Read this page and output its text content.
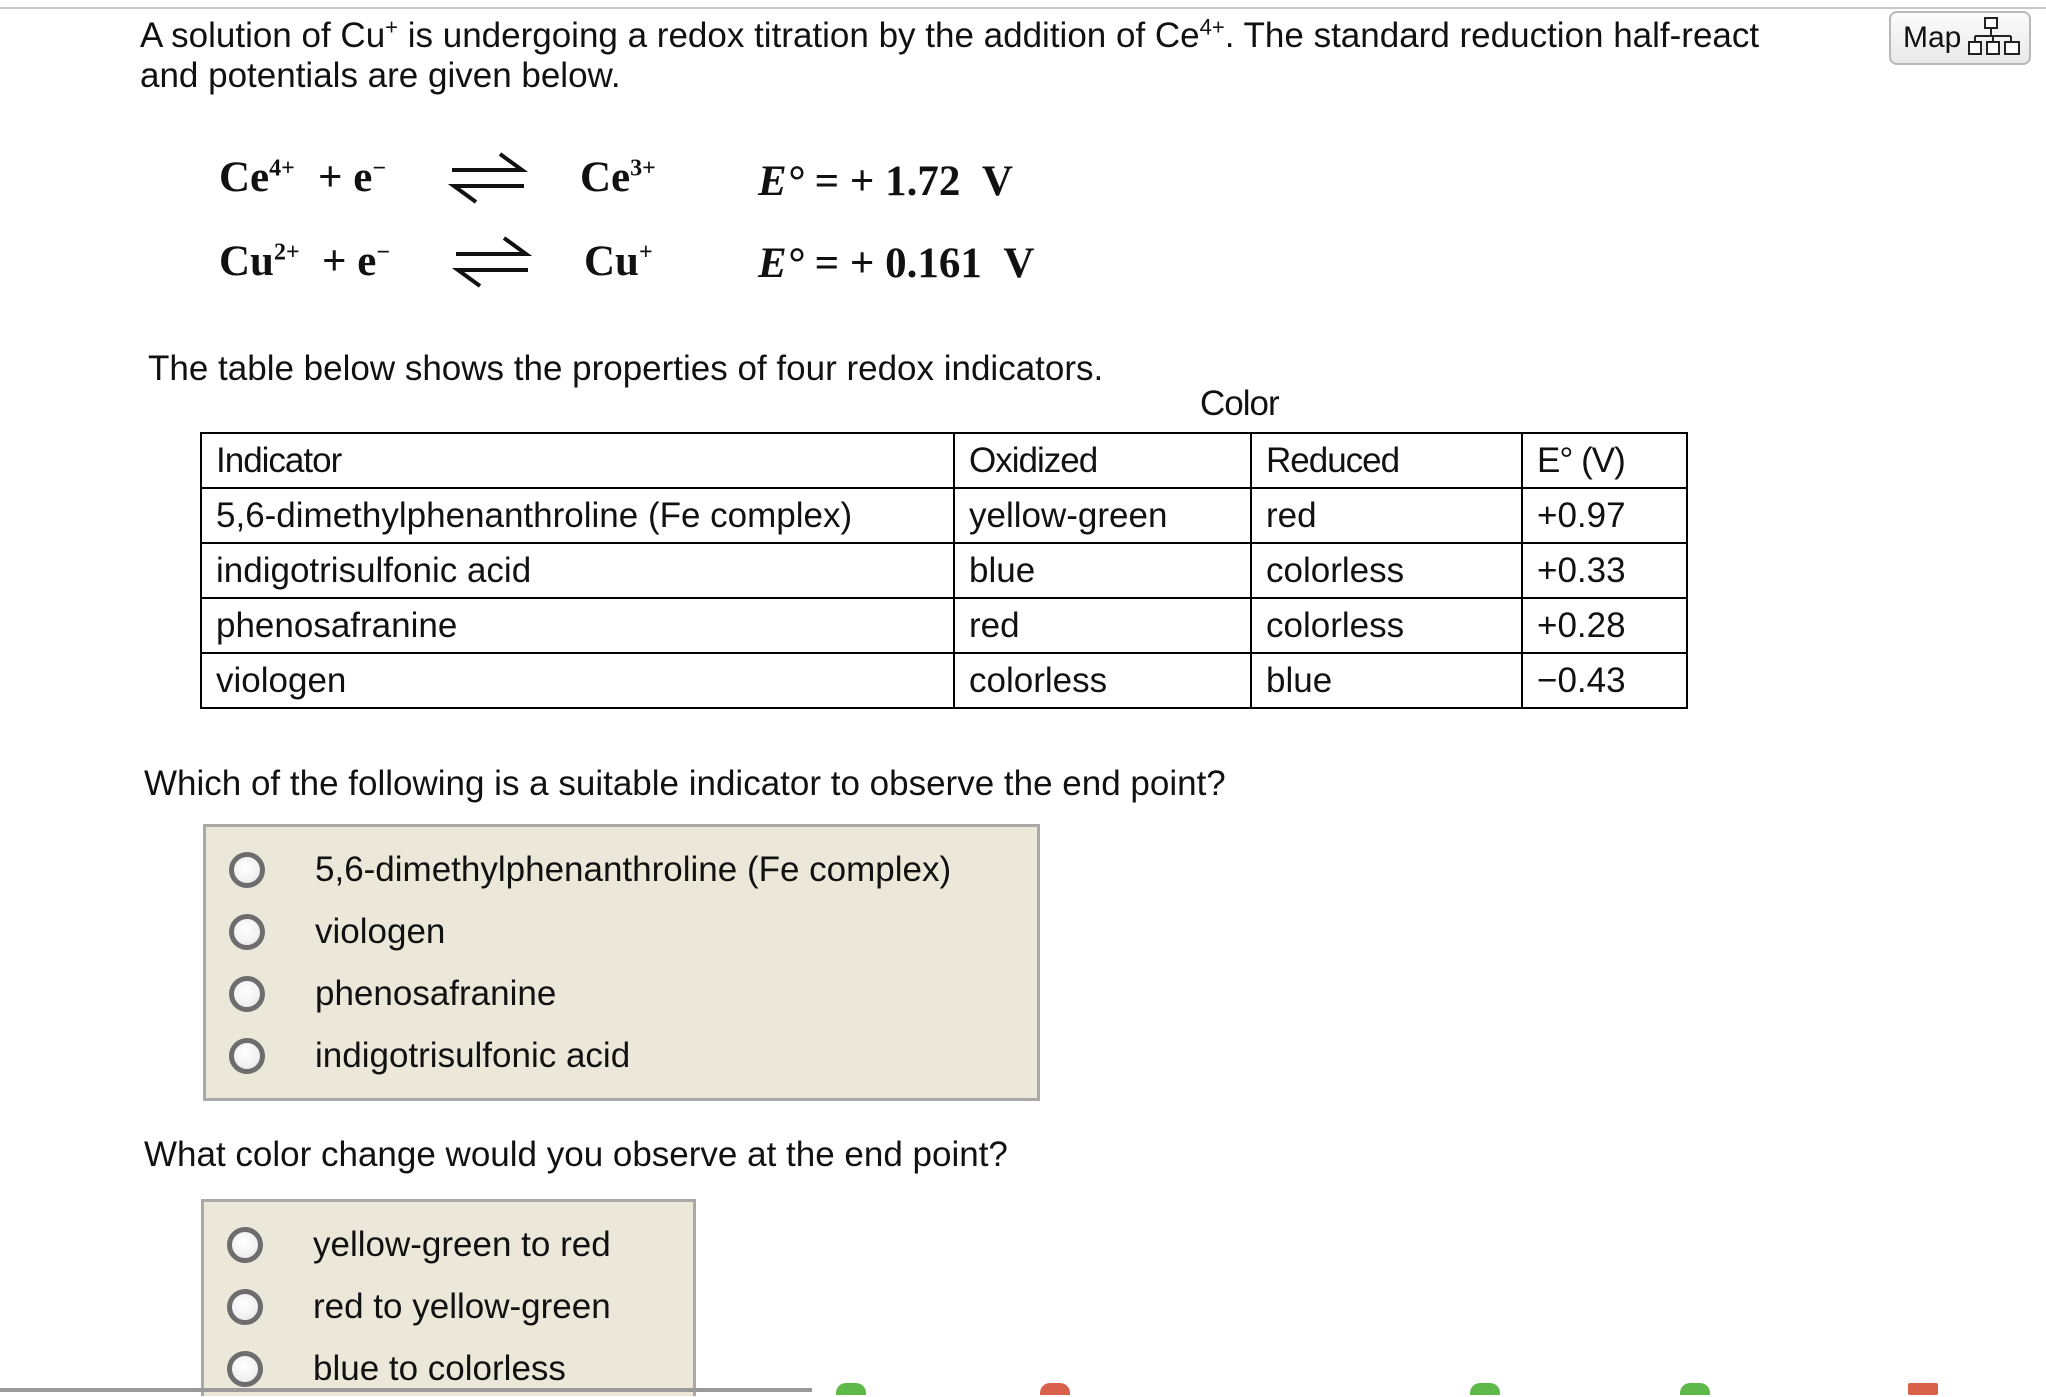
A solution of Cu+ is undergoing a redox titration by the addition of $Ce^{4+}$. The standard reduction half-react
and potentials are given below.
Map
$Ce^{4+} + e^-$	$Ce^{3+}$ E° = + 1.72 V
$Cu^{2+} + e^-$	Cu+ E° = + 0.161 V
The table below shows the properties of four redox indicators.
Color
Indicator	Oxidized	Reduced	E° (V)
5,6-dimethylphenanthroline (Fe complex)	yellow-green	red	+0.97
indigotrisulfonic acid	blue	colorless	+0.33
phenosafranine	red	colorless	+0.28
viologen	colorless	blue	−0.43
Which of the following is a suitable indicator to observe the end point?
5,6-dimethylphenanthroline (Fe complex)
viologen
phenosafranine
indigotrisulfonic acid
What color change would you observe at the end point?
yellow-green to red
red to yellow-green
blue to colorless
